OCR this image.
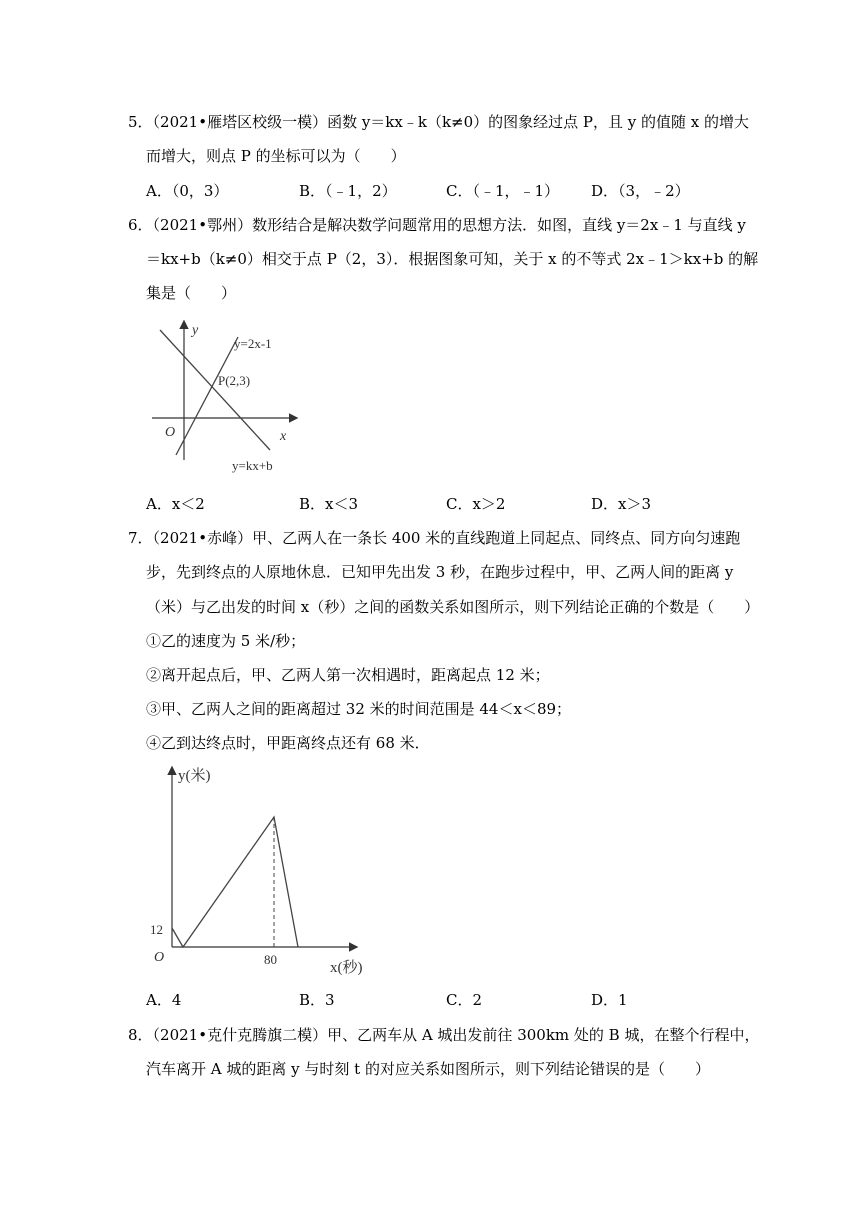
5．（2021•雁塔区校级一模）函数 y＝kx﹣k（k≠0）的图象经过点 P，且 y 的值随 x 的增大
而增大，则点 P 的坐标可以为（　　）
A．（0，3）	B．（﹣1，2）	C．（﹣1，﹣1） D．（3，﹣2）
6．（2021•鄂州）数形结合是解决数学问题常用的思想方法．如图，直线 y＝2x﹣1 与直线 y
＝kx+b（k≠0）相交于点 P（2，3）．根据图象可知，关于 x 的不等式 2x﹣1＞kx+b 的解
集是（　　）
y
x
O
y=2x-1
P(2,3)
y=kx+b
A．x＜2	B．x＜3	C．x＞2	D．x＞3
7．（2021•赤峰）甲、乙两人在一条长 400 米的直线跑道上同起点、同终点、同方向匀速跑
步，先到终点的人原地休息．已知甲先出发 3 秒，在跑步过程中，甲、乙两人间的距离 y
（米）与乙出发的时间 x（秒）之间的函数关系如图所示，则下列结论正确的个数是（　　）
①乙的速度为 5 米/秒；
②离开起点后，甲、乙两人第一次相遇时，距离起点 12 米；
③甲、乙两人之间的距离超过 32 米的时间范围是 44＜x＜89；
④乙到达终点时，甲距离终点还有 68 米．
y(米)
x(秒)
O
12
80
A．4	B．3	C．2	D．1
8．（2021•克什克腾旗二模）甲、乙两车从 A 城出发前往 300km 处的 B 城，在整个行程中，
汽车离开 A 城的距离 y 与时刻 t 的对应关系如图所示，则下列结论错误的是（　　）
